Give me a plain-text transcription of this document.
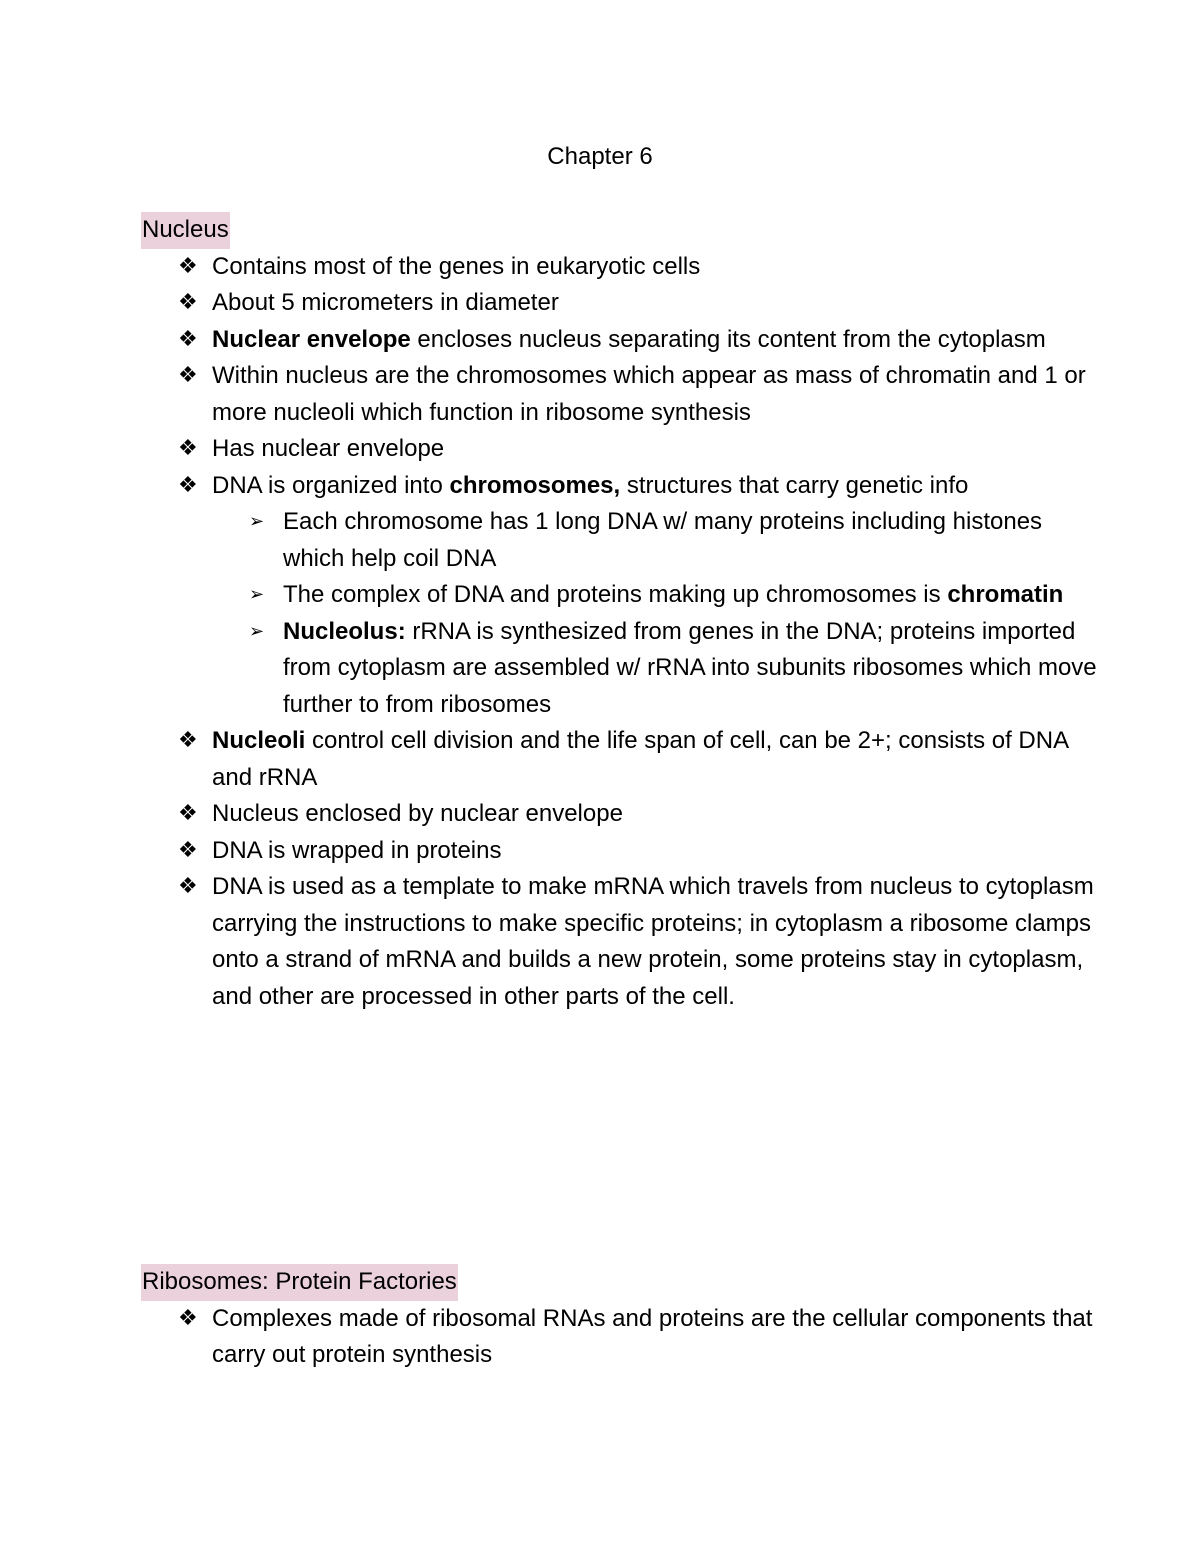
Chapter 6
Nucleus
❖ Contains most of the genes in eukaryotic cells
❖ About 5 micrometers in diameter
❖ Nuclear envelope encloses nucleus separating its content from the cytoplasm
❖ Within nucleus are the chromosomes which appear as mass of chromatin and 1 or more nucleoli which function in ribosome synthesis
❖ Has nuclear envelope
❖ DNA is organized into chromosomes, structures that carry genetic info
➢ Each chromosome has 1 long DNA w/ many proteins including histones which help coil DNA
➢ The complex of DNA and proteins making up chromosomes is chromatin
➢ Nucleolus: rRNA is synthesized from genes in the DNA; proteins imported from cytoplasm are assembled w/ rRNA into subunits ribosomes which move further to from ribosomes
❖ Nucleoli control cell division and the life span of cell, can be 2+; consists of DNA and rRNA
❖ Nucleus enclosed by nuclear envelope
❖ DNA is wrapped in proteins
❖ DNA is used as a template to make mRNA which travels from nucleus to cytoplasm carrying the instructions to make specific proteins; in cytoplasm a ribosome clamps onto a strand of mRNA and builds a new protein, some proteins stay in cytoplasm, and other are processed in other parts of the cell.
Ribosomes: Protein Factories
❖ Complexes made of ribosomal RNAs and proteins are the cellular components that carry out protein synthesis
